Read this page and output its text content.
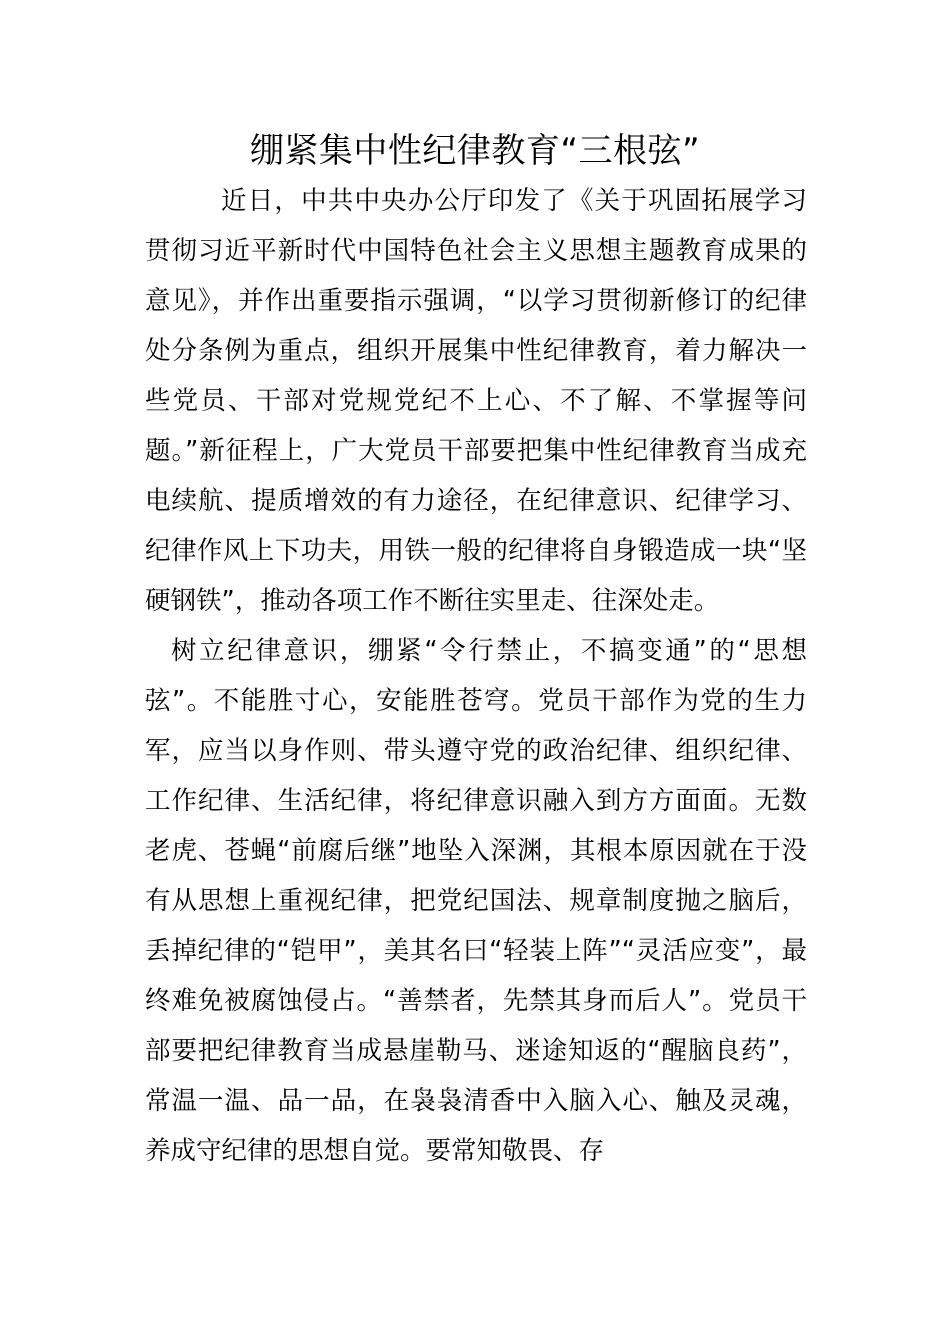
绷紧集中性纪律教育“三根弦”

近日，中共中央办公厅印发了《关于巩固拓展学习贯彻习近平新时代中国特色社会主义思想主题教育成果的意见》，并作出重要指示强调，“以学习贯彻新修订的纪律处分条例为重点，组织开展集中性纪律教育，着力解决一些党员、干部对党规党纪不上心、不了解、不掌握等问题。”新征程上，广大党员干部要把集中性纪律教育当成充电续航、提质增效的有力途径，在纪律意识、纪律学习、纪律作风上下功夫，用铁一般的纪律将自身锻造成一块“坚硬钢铁”，推动各项工作不断往实里走、往深处走。

树立纪律意识，绷紧“令行禁止，不搞变通”的“思想弦”。不能胜寸心，安能胜苍穹。党员干部作为党的生力军，应当以身作则、带头遵守党的政治纪律、组织纪律、工作纪律、生活纪律，将纪律意识融入到方方面面。无数老虎、苍蝇“前腐后继”地坠入深渊，其根本原因就在于没有从思想上重视纪律，把党纪国法、规章制度抛之脑后，丢掉纪律的“铠甲”，美其名曰“轻装上阵”“灵活应变”，最终难免被腐蚀侵占。“善禁者，先禁其身而后人”。党员干部要把纪律教育当成悬崖勒马、迷途知返的“醒脑良药”，常温一温、品一品，在袅袅清香中入脑入心、触及灵魂，养成守纪律的思想自觉。要常知敬畏、存
